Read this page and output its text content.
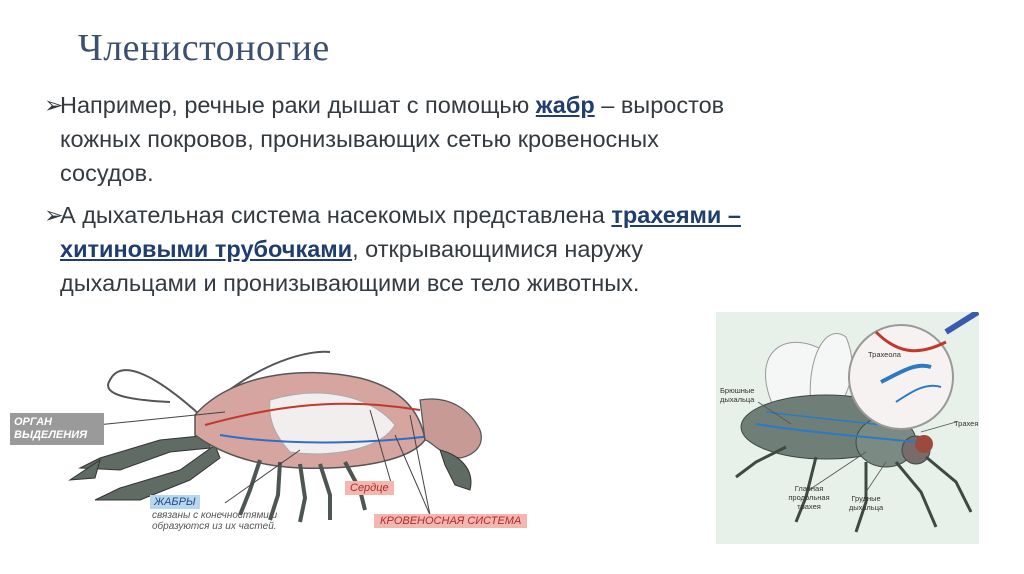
Членистоногие
➢
Например, речные раки дышат с помощью жабр – выростов кожных покровов, пронизывающих сетью кровеносных сосудов.
➢
А дыхательная система насекомых представлена трахеями – хитиновыми трубочками, открывающимися наружу дыхальцами и пронизывающими все тело животных.
ОРГАН ВЫДЕЛЕНИЯ
ЖАБРЫ
связаны с конечностями и образуются из их частей.
Сердце
КРОВЕНОСНАЯ СИСТЕМА
Трахеола
Брюшные дыхальца
Трахея
Главная продольная трахея
Грудные дыхальца
